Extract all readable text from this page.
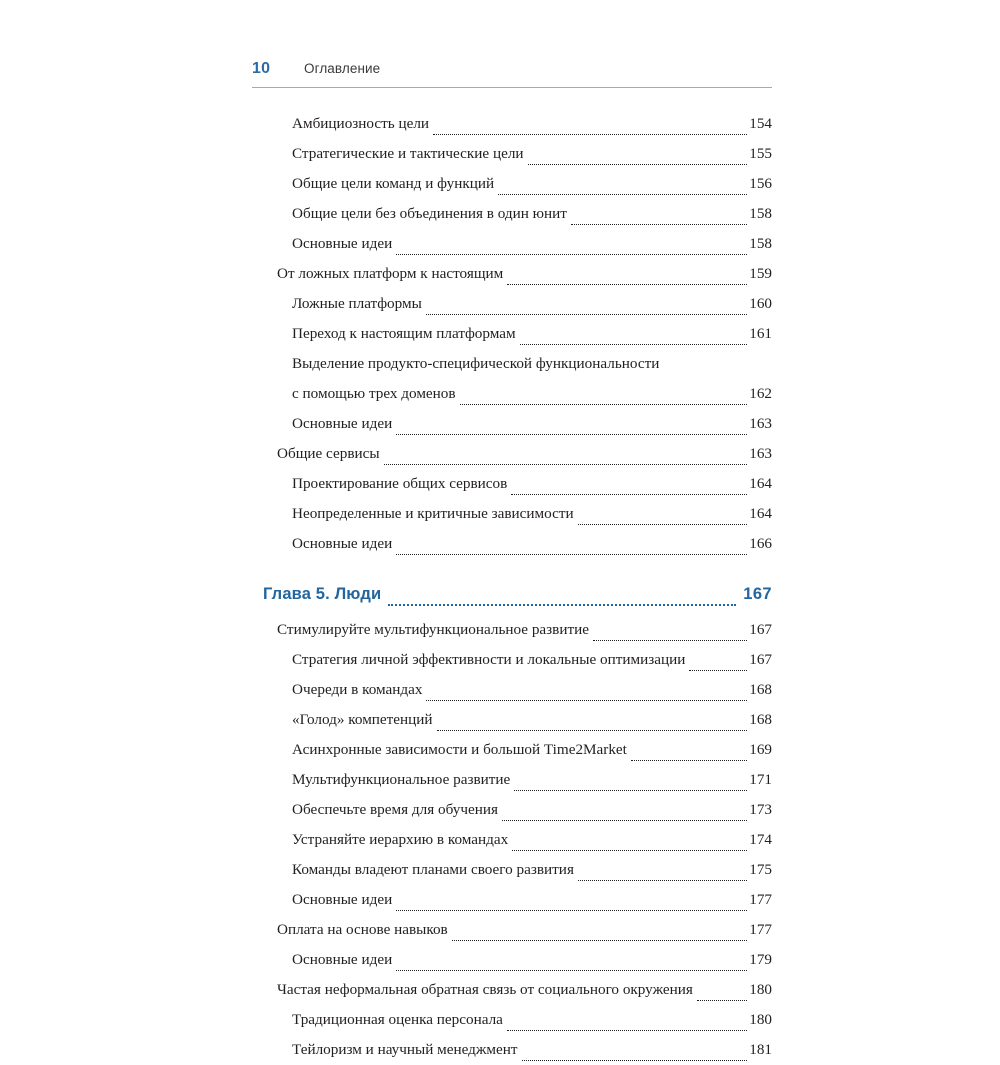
10	Оглавление
Амбициозность цели	154
Стратегические и тактические цели	155
Общие цели команд и функций	156
Общие цели без объединения в один юнит	158
Основные идеи	158
От ложных платформ к настоящим	159
Ложные платформы	160
Переход к настоящим платформам	161
Выделение продукто-специфической функциональности
с помощью трех доменов	162
Основные идеи	163
Общие сервисы	163
Проектирование общих сервисов	164
Неопределенные и критичные зависимости	164
Основные идеи	166
Глава 5. Люди	167
Стимулируйте мультифункциональное развитие	167
Стратегия личной эффективности и локальные оптимизации	167
Очереди в командах	168
«Голод» компетенций	168
Асинхронные зависимости и большой Time2Market	169
Мультифункциональное развитие	171
Обеспечьте время для обучения	173
Устраняйте иерархию в командах	174
Команды владеют планами своего развития	175
Основные идеи	177
Оплата на основе навыков	177
Основные идеи	179
Частая неформальная обратная связь от социального окружения	180
Традиционная оценка персонала	180
Тейлоризм и научный менеджмент	181
